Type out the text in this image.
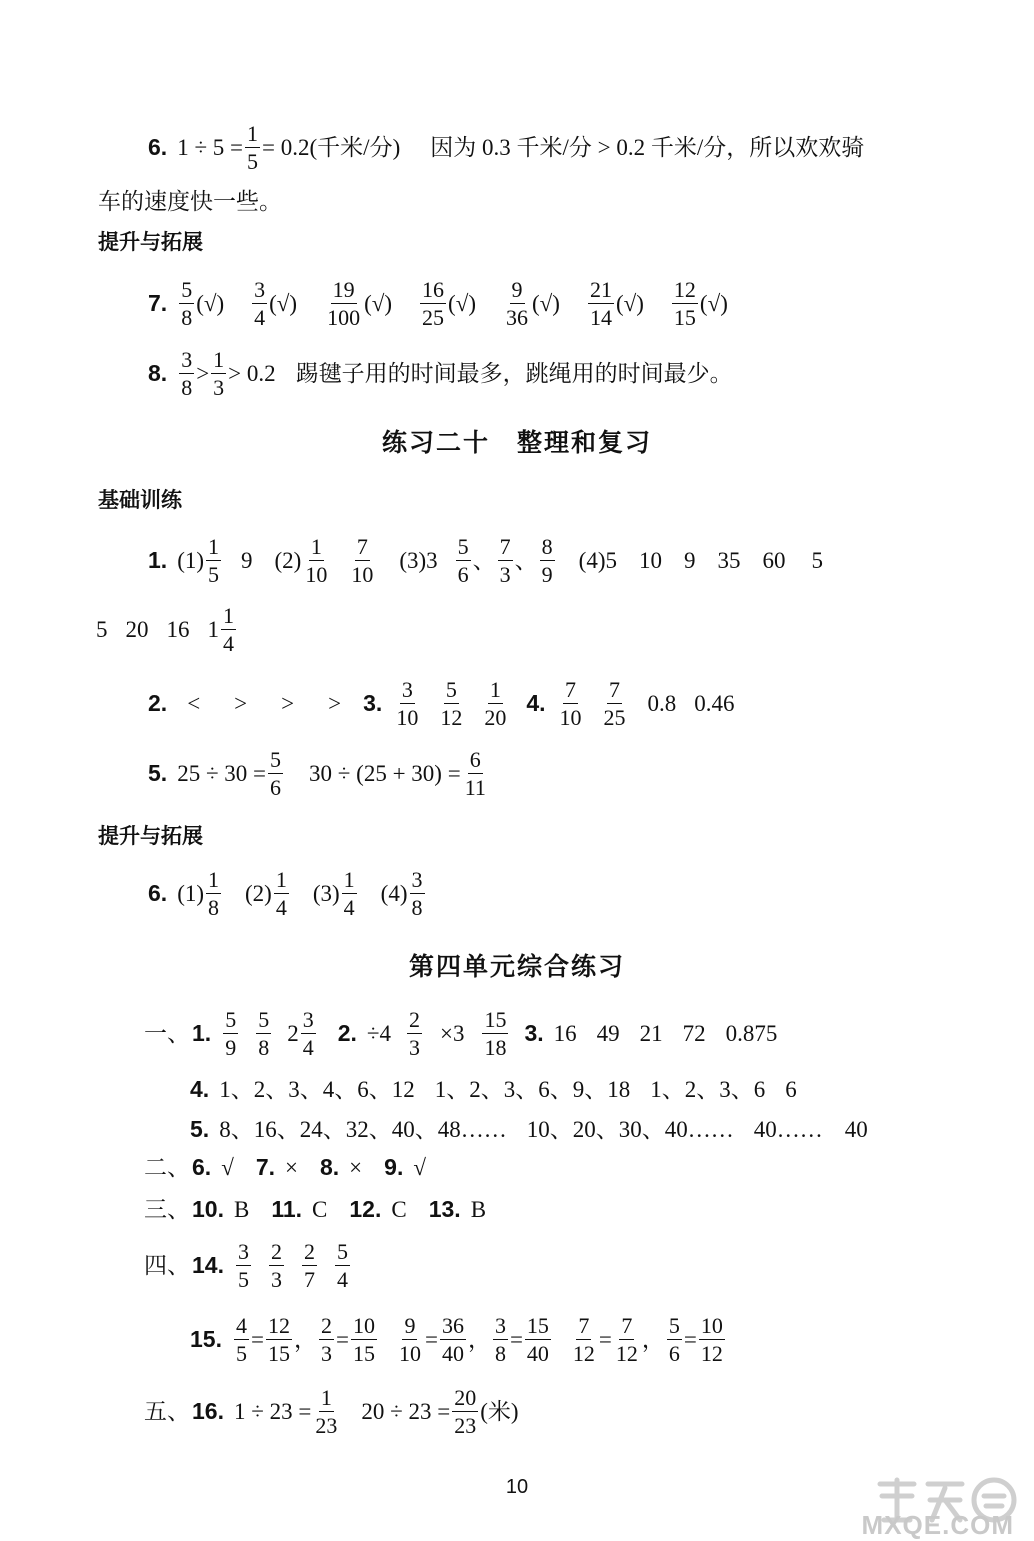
6. $1 \div 5 = \frac{1}{5} = 0.2$(千米/分) 因为 0.3 千米/分 > 0.2 千米/分，所以欢欢骑
车的速度快一些。
提升与拓展
7. $\frac{5}{8}$ (√) $\frac{3}{4}$ (√) $\frac{19}{100}$ (√) $\frac{16}{25}$ (√) $\frac{9}{36}$ (√) $\frac{21}{14}$ (√) $\frac{12}{15}$ (√)
8. $\frac{3}{8} > \frac{1}{3} > 0.2$ 踢毽子用的时间最多，跳绳用的时间最少。
练习二十　整理和复习
基础训练
1. $(1) \frac{1}{5} 9$ $(2) \frac{1}{10} \frac{7}{10} (3)3 \frac{5}{6}$ 、 $\frac{7}{3}$ 、 $\frac{8}{9} (4)5$ 10 9 35 60 5
5 20 16 $1 \frac{1}{4}$
2. < > > > 3. $\frac{3}{10} \frac{5}{12} \frac{1}{20} 4$. $\frac{7}{10} \frac{7}{25} 0.8$ 0.46
5. $25 \div 30 = \frac{5}{6} 30 \div (25 + 30) = \frac{6}{11}$
提升与拓展
6. $(1) \frac{1}{8} (2) \frac{1}{4} (3) \frac{1}{4} (4) \frac{3}{8}$
第四单元综合练习
一、 1. $\frac{5}{9} \frac{5}{8} 2 \frac{3}{4} 2$. $\div 4 \frac{2}{3} \times 3 \frac{15}{18} 3$. 16 49 21 72 0.875
4. 1、2、3、4、6、12 1、2、3、6、9、18 1、2、3、6 6
5. 8、16、24、32、40、48…… 10、20、30、40…… 40…… 40
二、 6. √ 7. × 8. × 9. √
三、 10. B 11. C 12. C 13. B
四、 14. $\frac{3}{5} \frac{2}{3} \frac{2}{7} \frac{5}{4}$
15. $\frac{4}{5} = \frac{12}{15}$ ， $\frac{2}{3} = \frac{10}{15} \frac{9}{10} = \frac{36}{40}$ ， $\frac{3}{8} = \frac{15}{40} \frac{7}{12} = \frac{7}{12}$ ， $\frac{5}{6} = \frac{10}{12}$
五、 16. $1 \div 23 = \frac{1}{23} 20 \div 23 = \frac{20}{23}$ (米)
10
MXQE.COM
